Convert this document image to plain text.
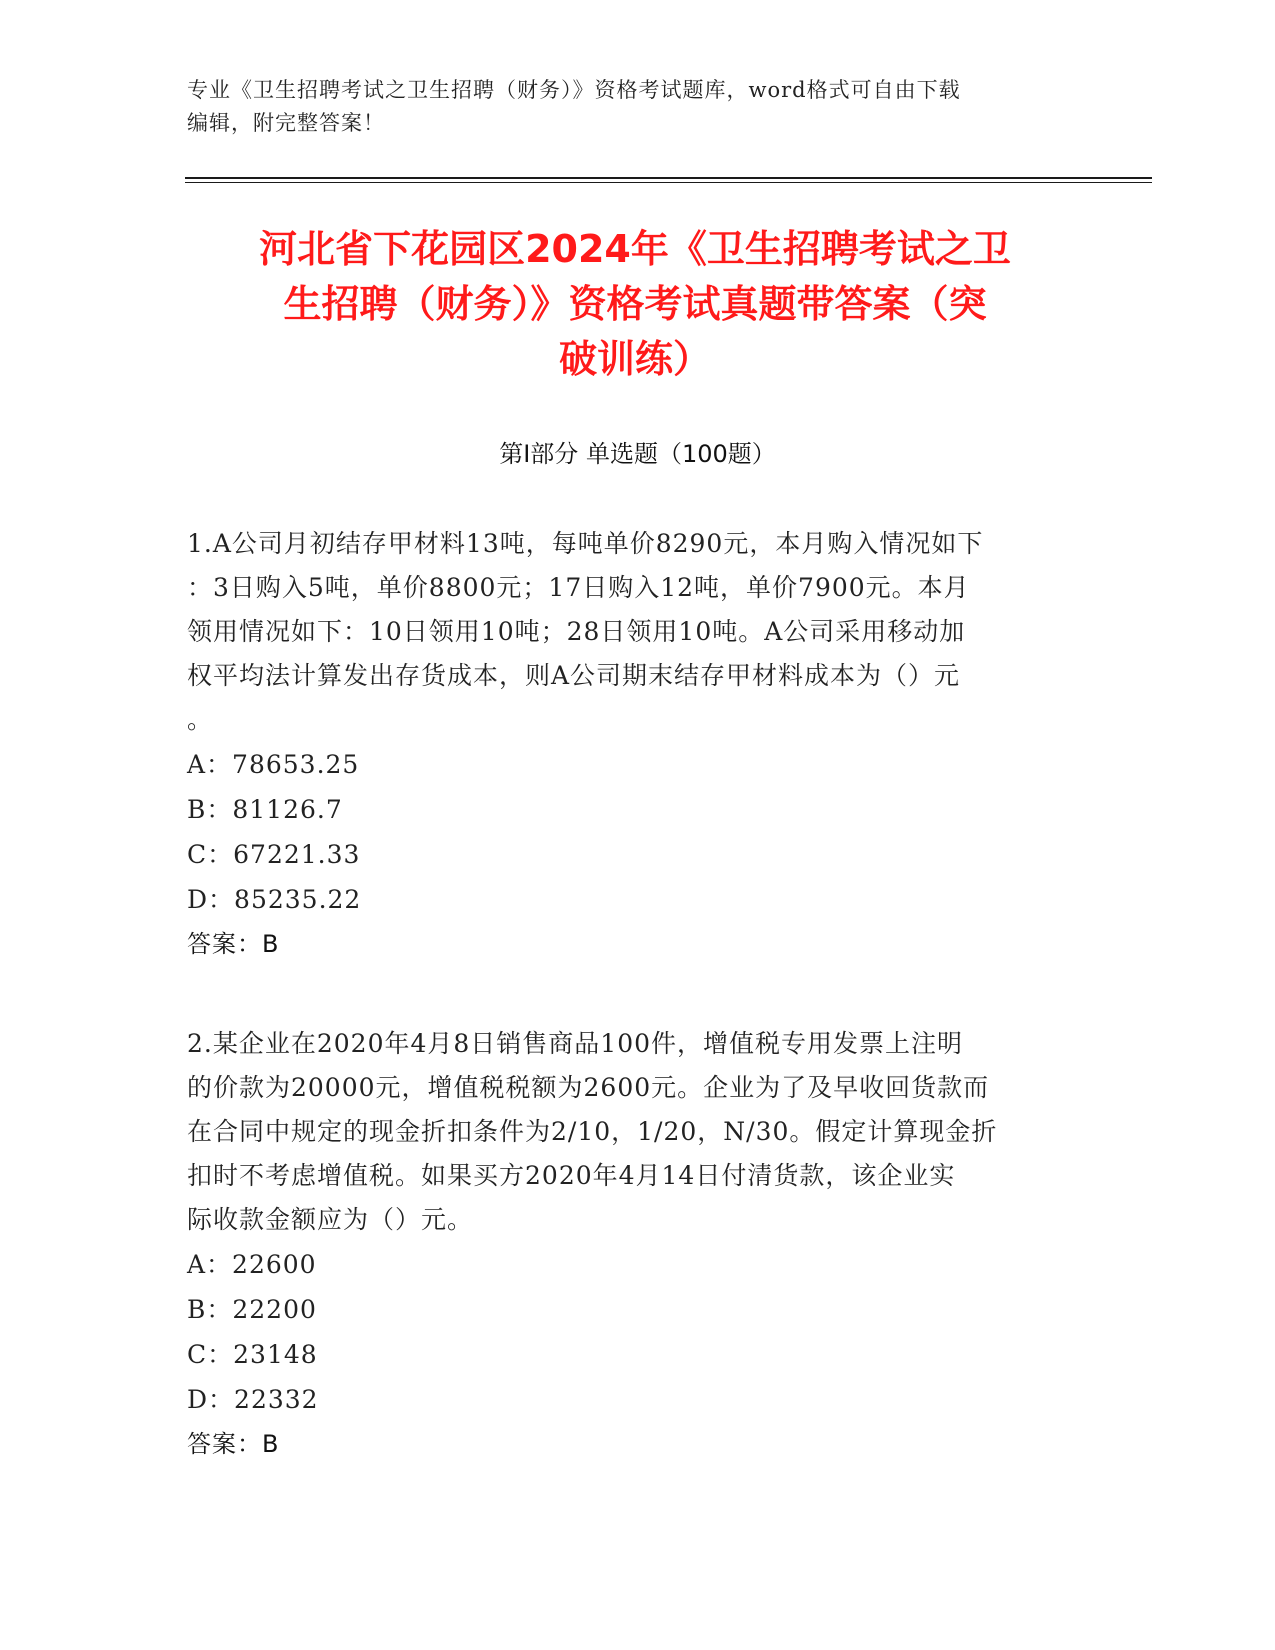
专业《卫生招聘考试之卫生招聘（财务）》资格考试题库，word格式可自由下载
编辑，附完整答案！
河北省下花园区2024年《卫生招聘考试之卫
生招聘（财务）》资格考试真题带答案（突
破训练）
第Ⅰ部分 单选题（100题）

1.A公司月初结存甲材料13吨，每吨单价8290元，本月购入情况如下
：3日购入5吨，单价8800元；17日购入12吨，单价7900元。本月
领用情况如下：10日领用10吨；28日领用10吨。A公司采用移动加
权平均法计算发出存货成本，则A公司期末结存甲材料成本为（）元
。

A：78653.25

B：81126.7

C：67221.33

D：85235.22

答案：B

2.某企业在2020年4月8日销售商品100件，增值税专用发票上注明
的价款为20000元，增值税税额为2600元。企业为了及早收回货款而
在合同中规定的现金折扣条件为2/10，1/20，N/30。假定计算现金折
扣时不考虑增值税。如果买方2020年4月14日付清货款，该企业实
际收款金额应为（）元。

A：22600

B：22200

C：23148

D：22332

答案：B
